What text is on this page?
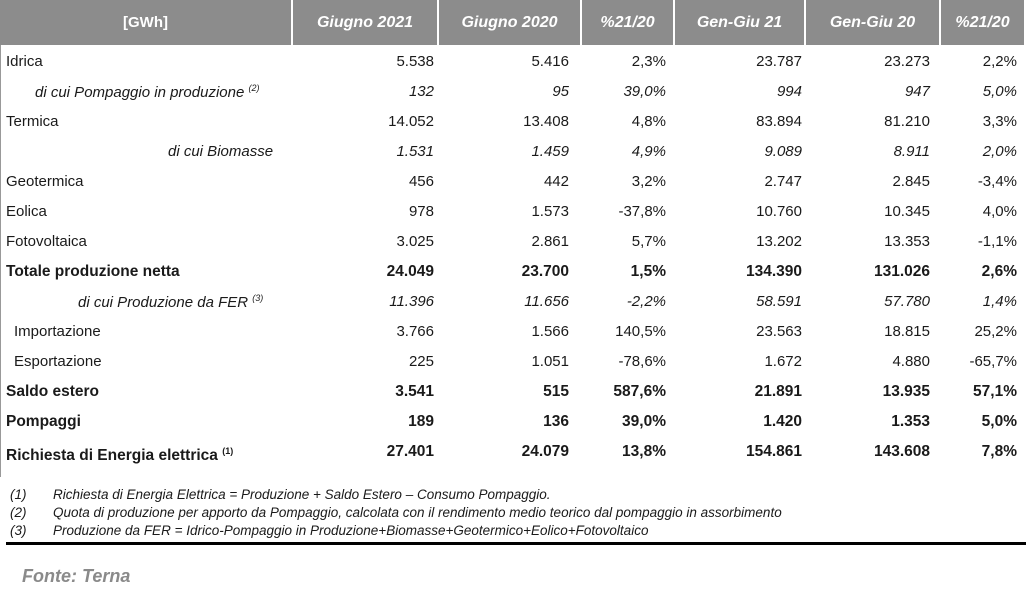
[GWh]	Giugno 2021	Giugno 2020	%21/20	Gen-Giu 21	Gen-Giu 20	%21/20
Idrica	5.538	5.416	2,3%	23.787	23.273	2,2%
di cui Pompaggio in produzione $^{(2)}$	132	95	39,0%	994	947	5,0%
Termica	14.052	13.408	4,8%	83.894	81.210	3,3%
di cui Biomasse	1.531	1.459	4,9%	9.089	8.911	2,0%
Geotermica	456	442	3,2%	2.747	2.845	-3,4%
Eolica	978	1.573	-37,8%	10.760	10.345	4,0%
Fotovoltaica	3.025	2.861	5,7%	13.202	13.353	-1,1%
Totale produzione netta	24.049	23.700	1,5%	134.390	131.026	2,6%
di cui Produzione da FER $^{(3)}$	11.396	11.656	-2,2%	58.591	57.780	1,4%
Importazione	3.766	1.566	140,5%	23.563	18.815	25,2%
Esportazione	225	1.051	-78,6%	1.672	4.880	-65,7%
Saldo estero	3.541	515	587,6%	21.891	13.935	57,1%
Pompaggi	189	136	39,0%	1.420	1.353	5,0%
Richiesta di Energia elettrica $^{(1)}$	27.401	24.079	13,8%	154.861	143.608	7,8%
(1)	Richiesta di Energia Elettrica = Produzione + Saldo Estero – Consumo Pompaggio.
(2)	Quota di produzione per apporto da Pompaggio, calcolata con il rendimento medio teorico dal pompaggio in assorbimento
(3)	Produzione da FER = Idrico-Pompaggio in Produzione+Biomasse+Geotermico+Eolico+Fotovoltaico
Fonte: Terna
